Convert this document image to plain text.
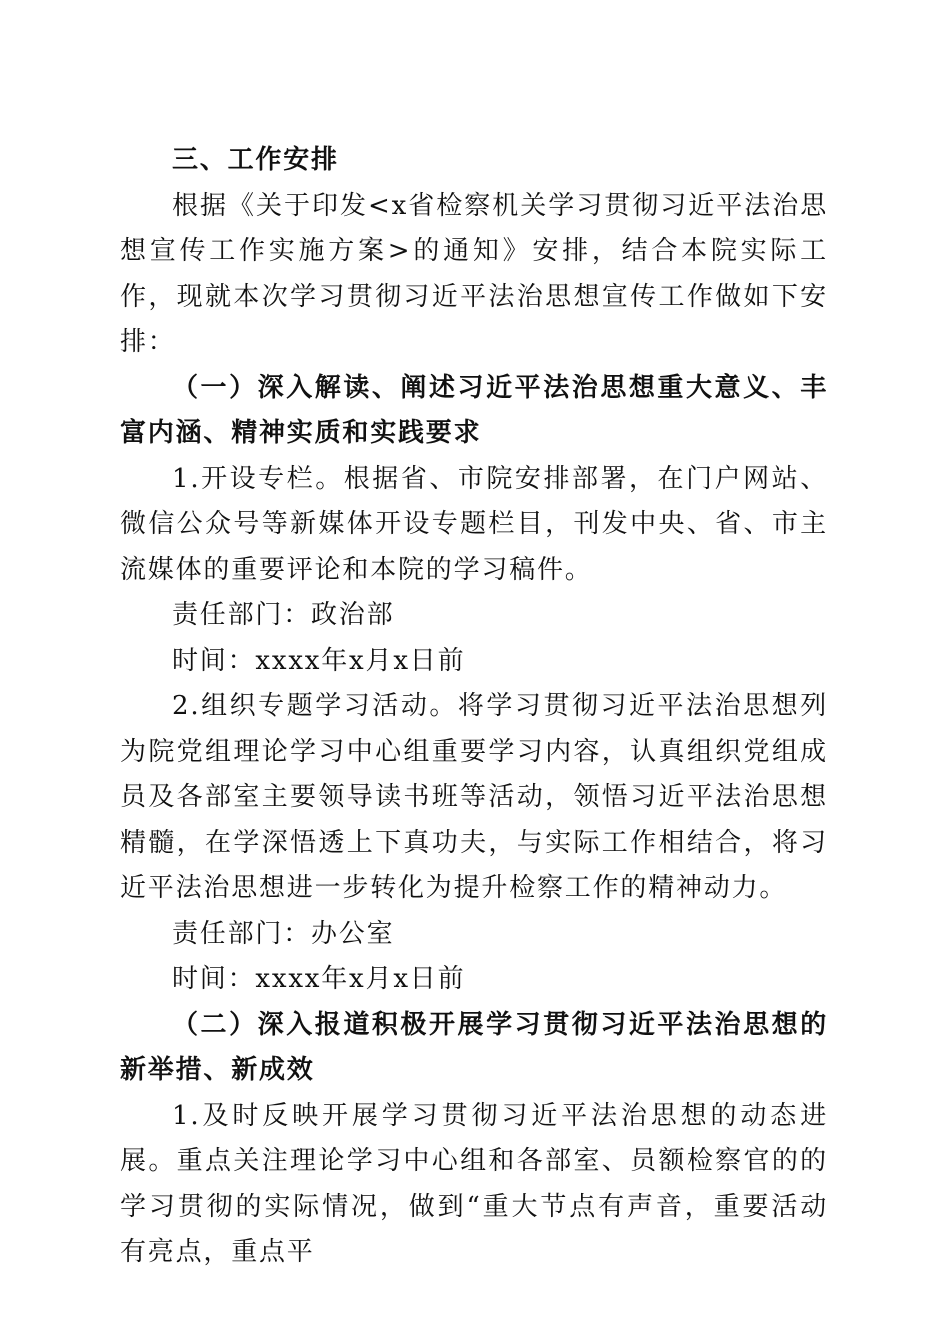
三、工作安排

根据《关于印发<x省检察机关学习贯彻习近平法治思想宣传工作实施方案>的通知》安排，结合本院实际工作，现就本次学习贯彻习近平法治思想宣传工作做如下安排：

（一）深入解读、阐述习近平法治思想重大意义、丰富内涵、精神实质和实践要求

1.开设专栏。根据省、市院安排部署，在门户网站、微信公众号等新媒体开设专题栏目，刊发中央、省、市主流媒体的重要评论和本院的学习稿件。

责任部门：政治部

时间：xxxx年x月x日前

2.组织专题学习活动。将学习贯彻习近平法治思想列为院党组理论学习中心组重要学习内容，认真组织党组成员及各部室主要领导读书班等活动，领悟习近平法治思想精髓，在学深悟透上下真功夫，与实际工作相结合，将习近平法治思想进一步转化为提升检察工作的精神动力。

责任部门：办公室

时间：xxxx年x月x日前

（二）深入报道积极开展学习贯彻习近平法治思想的新举措、新成效

1.及时反映开展学习贯彻习近平法治思想的动态进展。重点关注理论学习中心组和各部室、员额检察官的的学习贯彻的实际情况，做到“重大节点有声音，重要活动有亮点，重点平
